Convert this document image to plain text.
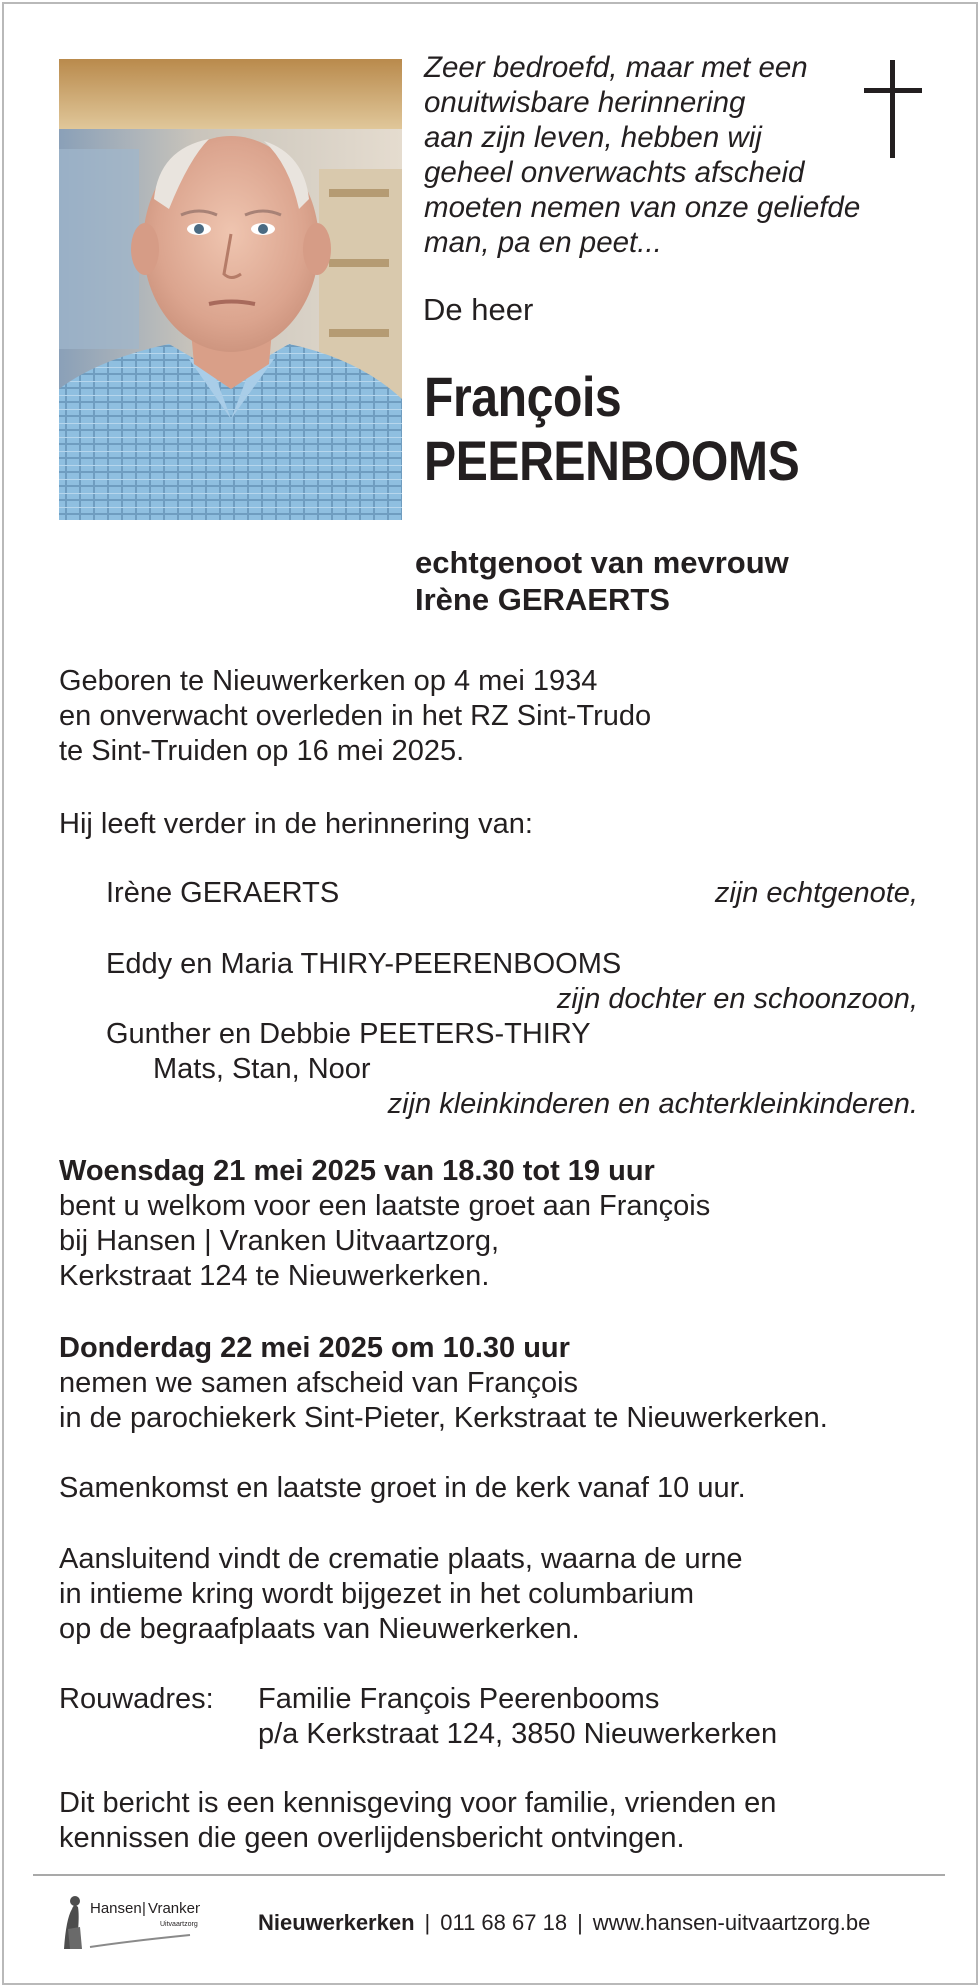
Zeer bedroefd, maar met een
onuitwisbare herinnering
aan zijn leven, hebben wij
geheel onverwachts afscheid
moeten nemen van onze geliefde
man, pa en peet...
De heer
François
PEERENBOOMS
echtgenoot van mevrouw
Irène GERAERTS
Geboren te Nieuwerkerken op 4 mei 1934
en onverwacht overleden in het RZ Sint-Trudo
te Sint-Truiden op 16 mei 2025.
Hij leeft verder in de herinnering van:
Irène GERAERTS	zijn echtgenote,
Eddy en Maria THIRY-PEERENBOOMS
zijn dochter en schoonzoon,
Gunther en Debbie PEETERS-THIRY
Mats, Stan, Noor
zijn kleinkinderen en achterkleinkinderen.
Woensdag 21 mei 2025 van 18.30 tot 19 uur
bent u welkom voor een laatste groet aan François
bij Hansen | Vranken Uitvaartzorg,
Kerkstraat 124 te Nieuwerkerken.
Donderdag 22 mei 2025 om 10.30 uur
nemen we samen afscheid van François
in de parochiekerk Sint-Pieter, Kerkstraat te Nieuwerkerken.
Samenkomst en laatste groet in de kerk vanaf 10 uur.
Aansluitend vindt de crematie plaats, waarna de urne
in intieme kring wordt bijgezet in het columbarium
op de begraafplaats van Nieuwerkerken.
Rouwadres: Familie François Peerenbooms
p/a Kerkstraat 124, 3850 Nieuwerkerken
Dit bericht is een kennisgeving voor familie, vrienden en
kennissen die geen overlijdensbericht ontvingen.
Hansen | Vranken
Uitvaartzorg	Nieuwerkerken | 011 68 67 18 | www.hansen-uitvaartzorg.be
